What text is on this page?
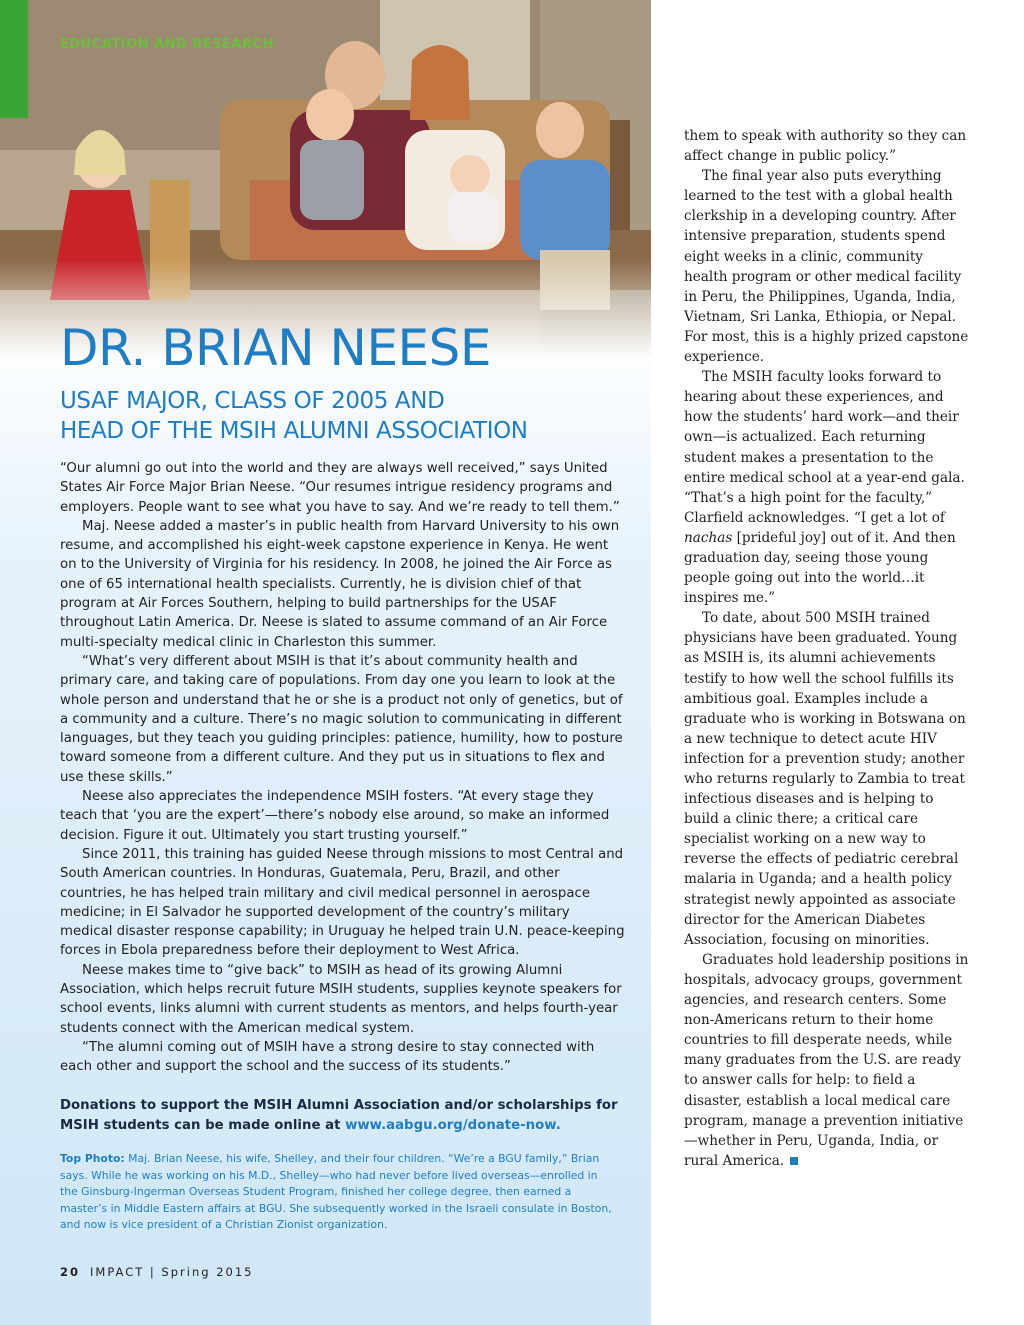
EDUCATION AND RESEARCH
DR. BRIAN NEESE
USAF MAJOR, CLASS OF 2005 AND
HEAD OF THE MSIH ALUMNI ASSOCIATION

“Our alumni go out into the world and they are always well received,” says United States Air Force Major Brian Neese. “Our resumes intrigue residency programs and employers. People want to see what you have to say. And we’re ready to tell them.”

Maj. Neese added a master’s in public health from Harvard University to his own resume, and accomplished his eight-week capstone experience in Kenya. He went on to the University of Virginia for his residency. In 2008, he joined the Air Force as one of 65 international health specialists. Currently, he is division chief of that program at Air Forces Southern, helping to build partnerships for the USAF throughout Latin America. Dr. Neese is slated to assume command of an Air Force multi-specialty medical clinic in Charleston this summer.

“What’s very different about MSIH is that it’s about community health and primary care, and taking care of populations. From day one you learn to look at the whole person and understand that he or she is a product not only of genetics, but of a community and a culture. There’s no magic solution to communicating in different languages, but they teach you guiding principles: patience, humility, how to posture toward someone from a different culture. And they put us in situations to flex and use these skills.”

Neese also appreciates the independence MSIH fosters. “At every stage they teach that ‘you are the expert’—there’s nobody else around, so make an informed decision. Figure it out. Ultimately you start trusting yourself.”

Since 2011, this training has guided Neese through missions to most Central and South American countries. In Honduras, Guatemala, Peru, Brazil, and other countries, he has helped train military and civil medical personnel in aerospace medicine; in El Salvador he supported development of the country’s military medical disaster response capability; in Uruguay he helped train U.N. peace-keeping forces in Ebola preparedness before their deployment to West Africa.

Neese makes time to “give back” to MSIH as head of its growing Alumni Association, which helps recruit future MSIH students, supplies keynote speakers for school events, links alumni with current students as mentors, and helps fourth-year students connect with the American medical system.

“The alumni coming out of MSIH have a strong desire to stay connected with each other and support the school and the success of its students.”

Donations to support the MSIH Alumni Association and/or scholarships for MSIH students can be made online at www.aabgu.org/donate-now.
Top Photo: Maj. Brian Neese, his wife, Shelley, and their four children. “We’re a BGU family,” Brian says. While he was working on his M.D., Shelley—who had never before lived overseas—enrolled in the Ginsburg-Ingerman Overseas Student Program, finished her college degree, then earned a master’s in Middle Eastern affairs at BGU. She subsequently worked in the Israeli consulate in Boston, and now is vice president of a Christian Zionist organization.
20 IMPACT | Spring 2015

them to speak with authority so they can affect change in public policy.”

The final year also puts everything learned to the test with a global health clerkship in a developing country. After intensive preparation, students spend eight weeks in a clinic, community health program or other medical facility in Peru, the Philippines, Uganda, India, Vietnam, Sri Lanka, Ethiopia, or Nepal. For most, this is a highly prized capstone experience.

The MSIH faculty looks forward to hearing about these experiences, and how the students’ hard work—and their own—is actualized. Each returning student makes a presentation to the entire medical school at a year-end gala. “That’s a high point for the faculty,” Clarfield acknowledges. “I get a lot of nachas [prideful joy] out of it. And then graduation day, seeing those young people going out into the world…it inspires me.”

To date, about 500 MSIH trained physicians have been graduated. Young as MSIH is, its alumni achievements testify to how well the school fulfills its ambitious goal. Examples include a graduate who is working in Botswana on a new technique to detect acute HIV infection for a prevention study; another who returns regularly to Zambia to treat infectious diseases and is helping to build a clinic there; a critical care specialist working on a new way to reverse the effects of pediatric cerebral malaria in Uganda; and a health policy strategist newly appointed as associate director for the American Diabetes Association, focusing on minorities.

Graduates hold leadership positions in hospitals, advocacy groups, government agencies, and research centers. Some non-Americans return to their home countries to fill desperate needs, while many graduates from the U.S. are ready to answer calls for help: to field a disaster, establish a local medical care program, manage a prevention initiative—whether in Peru, Uganda, India, or rural America.
